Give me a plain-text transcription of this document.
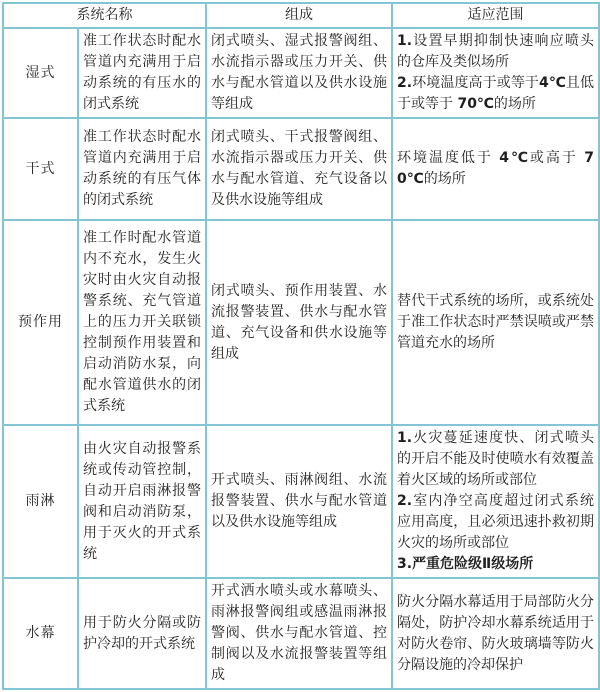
系统名称		组成	适应范围
湿式	准工作状态时配水管道内充满用于启动系统的有压水的闭式系统	闭式喷头、湿式报警阀组、水流指示器或压力开关、供水与配水管道以及供水设施等组成	1.设置早期抑制快速响应喷头的仓库及类似场所
2.环境温度高于或等于4℃且低于或等于 70℃的场所

干式	准工作状态时配水管道内充满用于启动系统的有压气体的闭式系统	闭式喷头、干式报警阀组、水流指示器或压力开关、供水与配水管道、充气设备以及供水设施等组成	环境温度低于 4℃或高于 70℃的场所

预作用	准工作时配水管道内不充水，发生火灾时由火灾自动报警系统、充气管道上的压力开关联锁控制预作用装置和启动消防水泵，向配水管道供水的闭式系统	闭式喷头、预作用装置、水流报警装置、供水与配水管道、充气设备和供水设施等组成	替代干式系统的场所，或系统处于准工作状态时严禁误喷或严禁管道充水的场所

雨淋	由火灾自动报警系统或传动管控制，自动开启雨淋报警阀和启动消防泵，用于灭火的开式系统	开式喷头、雨淋阀组、水流报警装置、供水与配水管道以及供水设施等组成	1.火灾蔓延速度快、闭式喷头的开启不能及时使喷水有效覆盖着火区域的场所或部位
2.室内净空高度超过闭式系统应用高度，且必须迅速扑救初期火灾的场所或部位
3.严重危险级Ⅱ级场所

水幕	用于防火分隔或防护冷却的开式系统	开式洒水喷头或水幕喷头、雨淋报警阀组或感温雨淋报警阀、供水与配水管道、控制阀以及水流报警装置等组成	防火分隔水幕适用于局部防火分隔处，防护冷却水幕系统适用于对防火卷帘、防火玻璃墙等防火分隔设施的冷却保护
